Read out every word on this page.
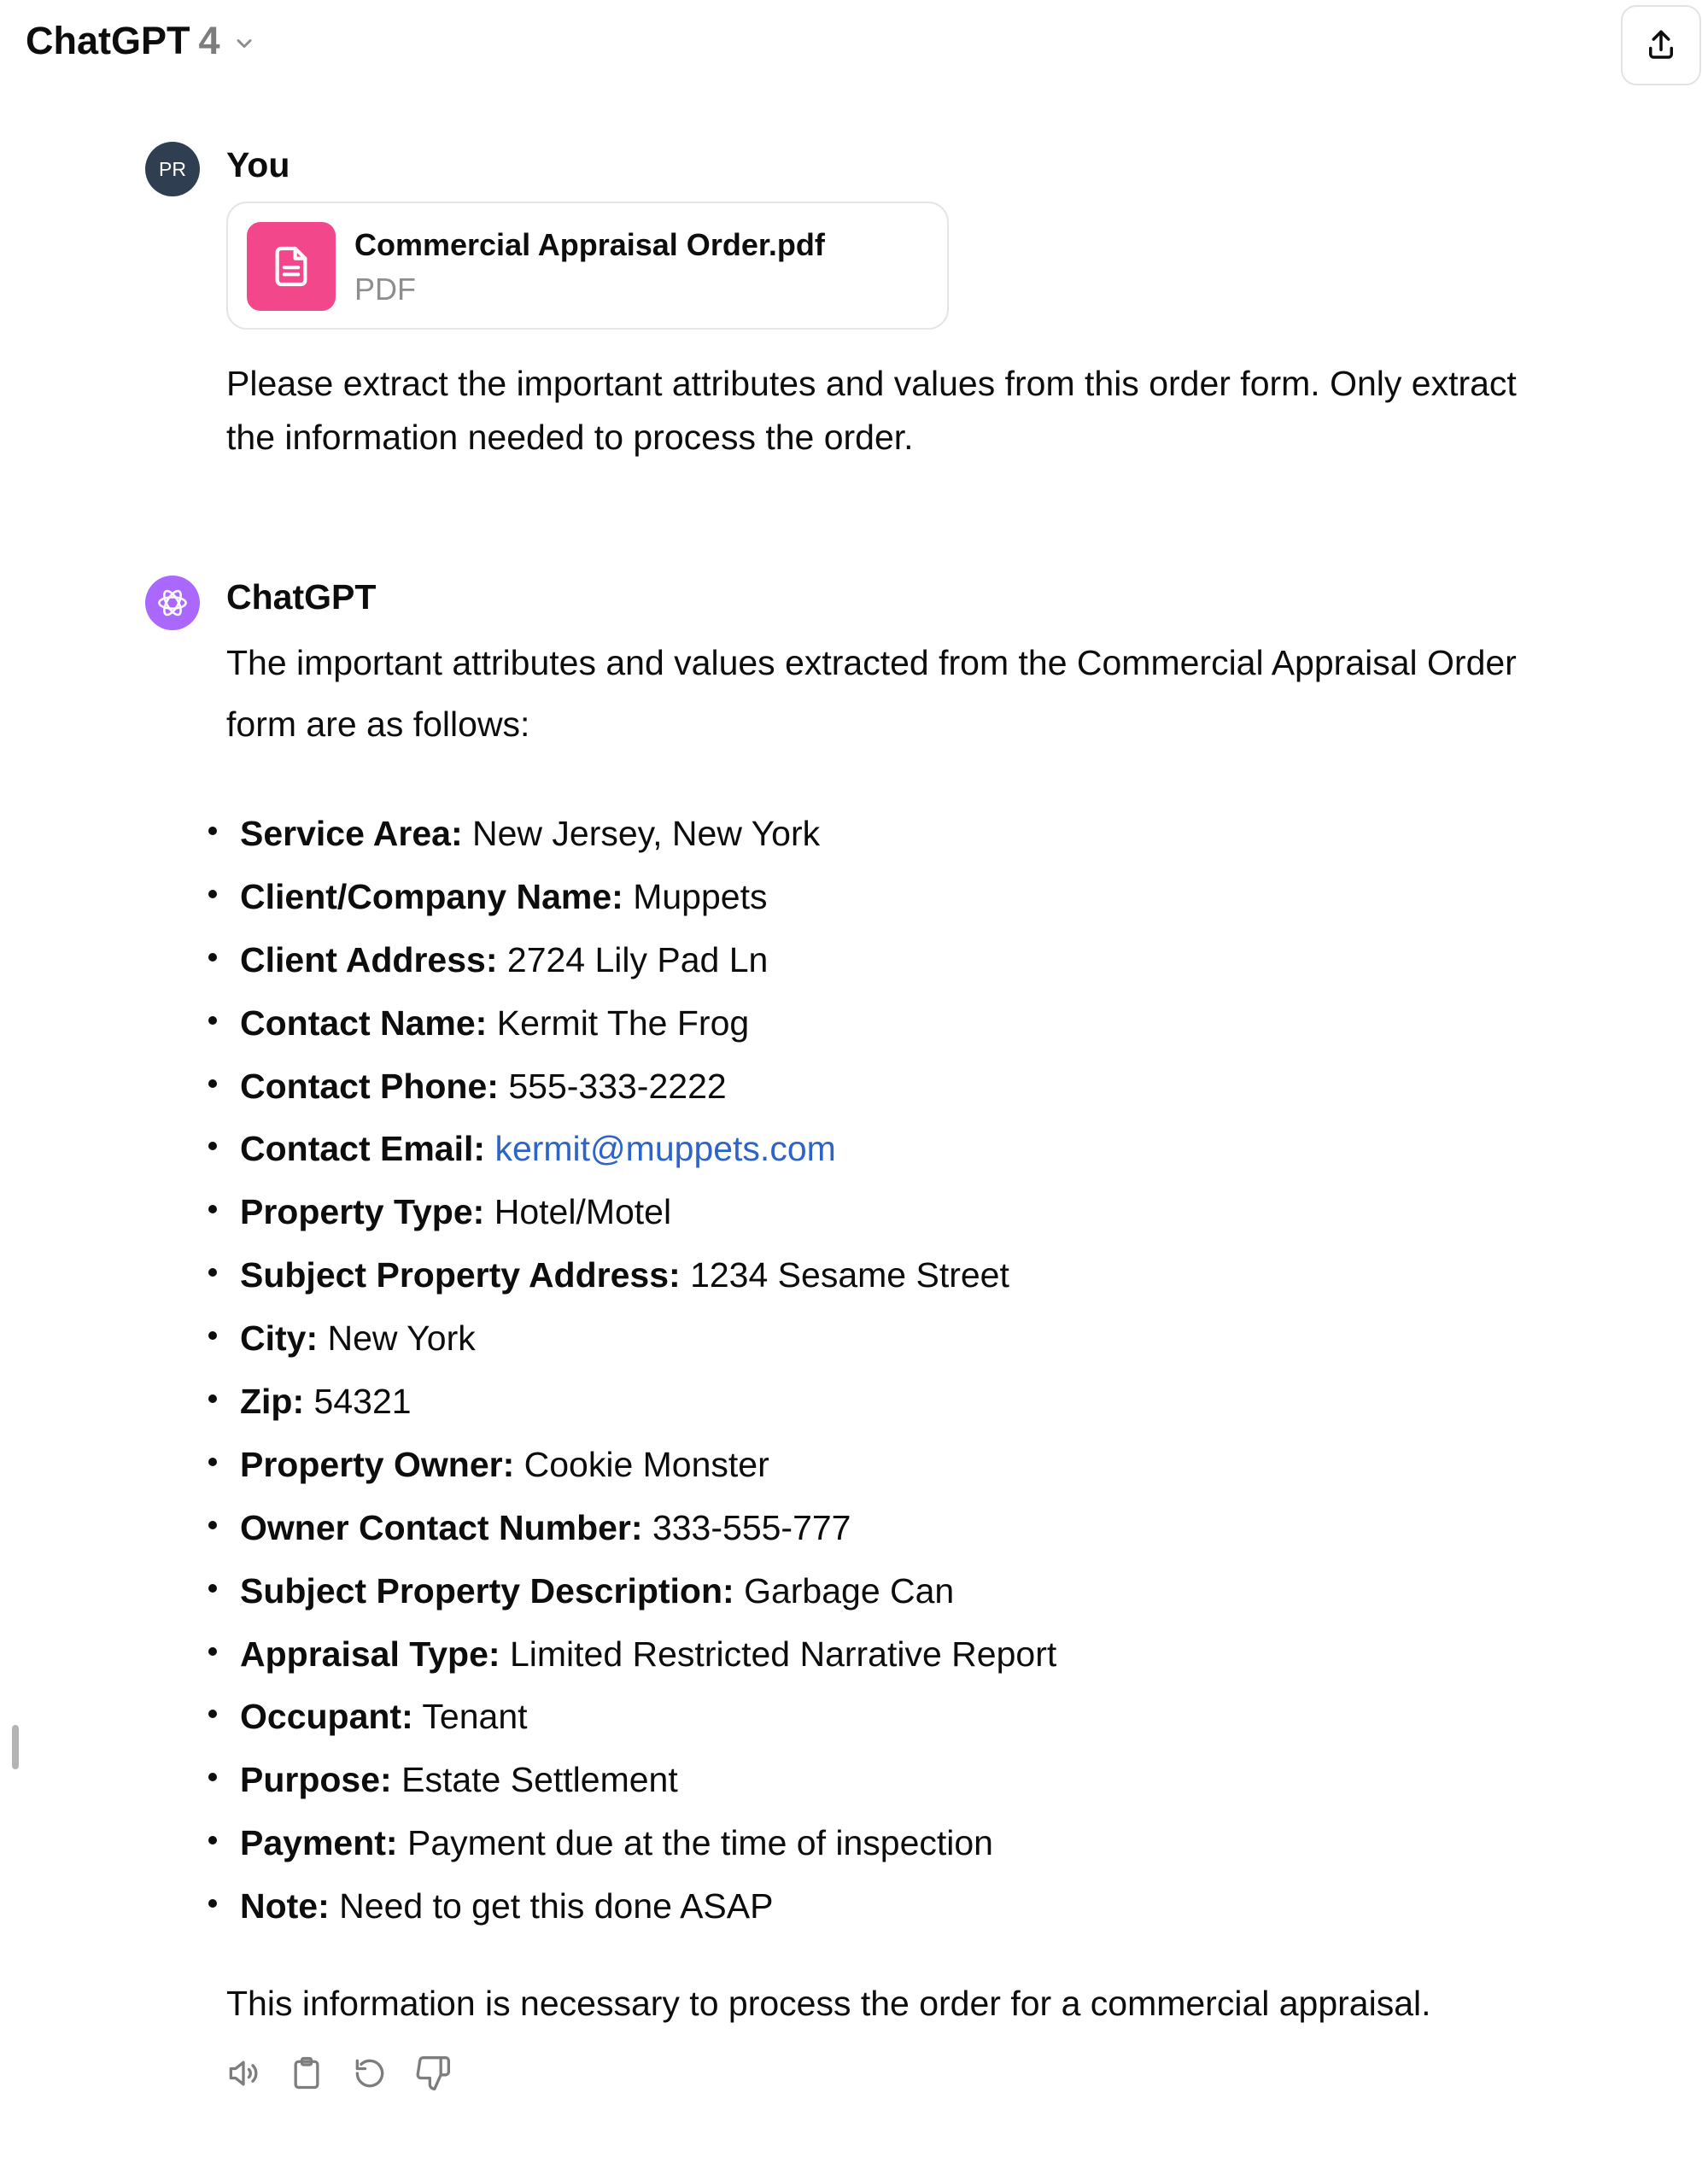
ChatGPT 4
PR	You
Commercial Appraisal Order.pdf
PDF
Please extract the important attributes and values from this order form. Only extract
the information needed to process the order.
ChatGPT
The important attributes and values extracted from the Commercial Appraisal Order
form are as follows:
Service Area: New Jersey, New York
Client/Company Name: Muppets
Client Address: 2724 Lily Pad Ln
Contact Name: Kermit The Frog
Contact Phone: 555-333-2222
Contact Email: kermit@muppets.com
Property Type: Hotel/Motel
Subject Property Address: 1234 Sesame Street
City: New York
Zip: 54321
Property Owner: Cookie Monster
Owner Contact Number: 333-555-777
Subject Property Description: Garbage Can
Appraisal Type: Limited Restricted Narrative Report
Occupant: Tenant
Purpose: Estate Settlement
Payment: Payment due at the time of inspection
Note: Need to get this done ASAP
This information is necessary to process the order for a commercial appraisal.
